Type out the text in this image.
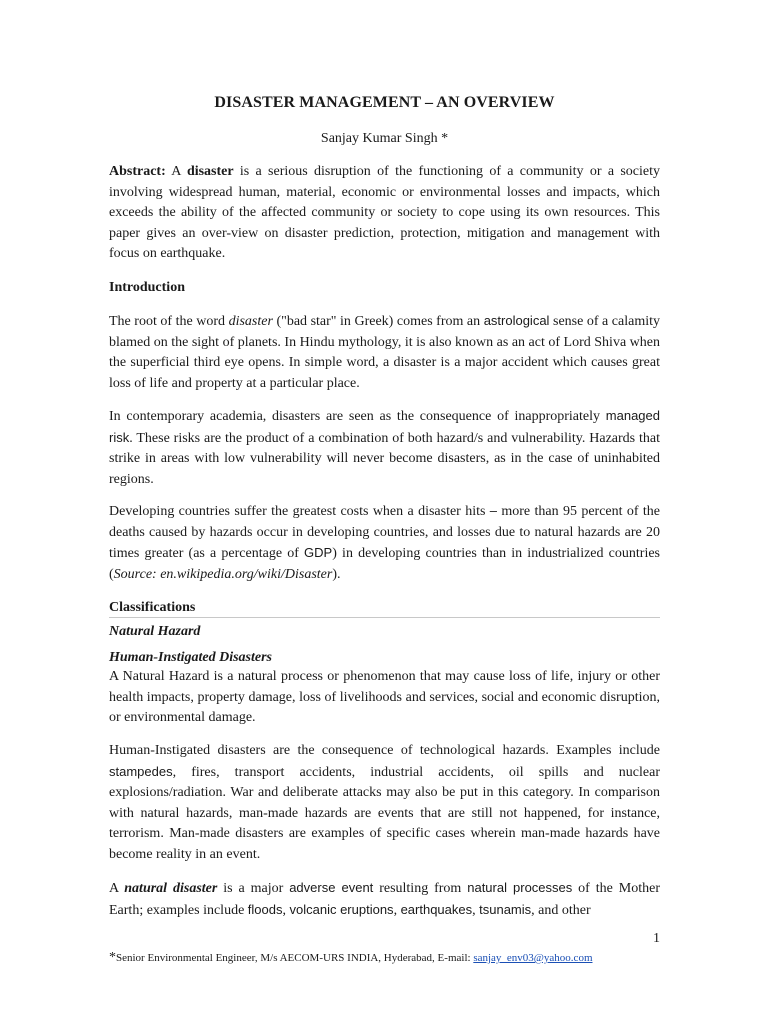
DISASTER MANAGEMENT – AN OVERVIEW
Sanjay Kumar Singh *
Abstract: A disaster is a serious disruption of the functioning of a community or a society involving widespread human, material, economic or environmental losses and impacts, which exceeds the ability of the affected community or society to cope using its own resources. This paper gives an over-view on disaster prediction, protection, mitigation and management with focus on earthquake.
Introduction
The root of the word disaster ("bad star" in Greek) comes from an astrological sense of a calamity blamed on the sight of planets. In Hindu mythology, it is also known as an act of Lord Shiva when the superficial third eye opens. In simple word, a disaster is a major accident which causes great loss of life and property at a particular place.
In contemporary academia, disasters are seen as the consequence of inappropriately managed risk. These risks are the product of a combination of both hazard/s and vulnerability. Hazards that strike in areas with low vulnerability will never become disasters, as in the case of uninhabited regions.
Developing countries suffer the greatest costs when a disaster hits – more than 95 percent of the deaths caused by hazards occur in developing countries, and losses due to natural hazards are 20 times greater (as a percentage of GDP) in developing countries than in industrialized countries (Source: en.wikipedia.org/wiki/Disaster).
Classifications
Natural Hazard
Human-Instigated Disasters
A Natural Hazard is a natural process or phenomenon that may cause loss of life, injury or other health impacts, property damage, loss of livelihoods and services, social and economic disruption, or environmental damage.
Human-Instigated disasters are the consequence of technological hazards. Examples include stampedes, fires, transport accidents, industrial accidents, oil spills and nuclear explosions/radiation. War and deliberate attacks may also be put in this category. In comparison with natural hazards, man-made hazards are events that are still not happened, for instance, terrorism. Man-made disasters are examples of specific cases wherein man-made hazards have become reality in an event.
A natural disaster is a major adverse event resulting from natural processes of the Mother Earth; examples include floods, volcanic eruptions, earthquakes, tsunamis, and other
1
*Senior Environmental Engineer, M/s AECOM-URS INDIA, Hyderabad, E-mail: sanjay_env03@yahoo.com
